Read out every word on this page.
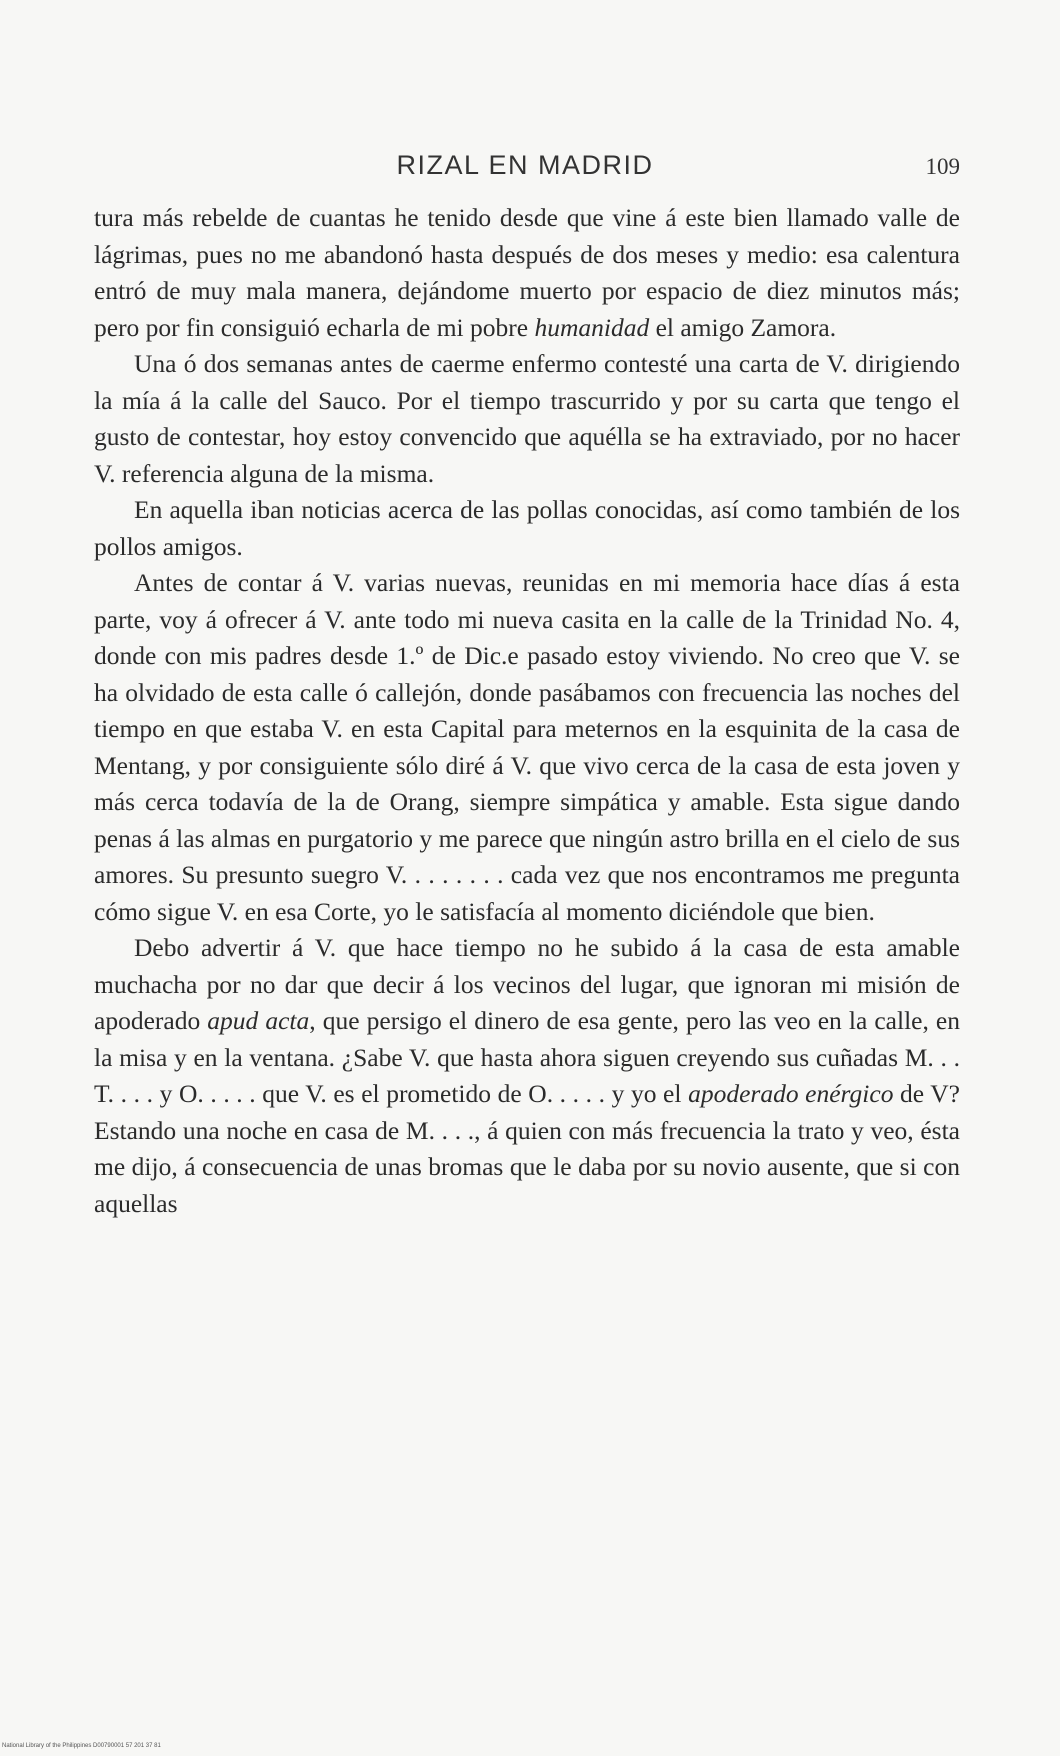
RIZAL EN MADRID	109

tura más rebelde de cuantas he tenido desde que vine á este bien llamado valle de lágrimas, pues no me abandonó hasta después de dos meses y medio: esa calentura entró de muy mala manera, dejándome muerto por espacio de diez minutos más; pero por fin consiguió echarla de mi pobre humanidad el amigo Zamora.

Una ó dos semanas antes de caerme enfermo contesté una carta de V. dirigiendo la mía á la calle del Sauco. Por el tiempo trascurrido y por su carta que tengo el gusto de contestar, hoy estoy convencido que aquélla se ha extraviado, por no hacer V. referencia alguna de la misma.

En aquella iban noticias acerca de las pollas conocidas, así como también de los pollos amigos.

Antes de contar á V. varias nuevas, reunidas en mi memoria hace días á esta parte, voy á ofrecer á V. ante todo mi nueva casita en la calle de la Trinidad No. 4, donde con mis padres desde 1.º de Dic.e pasado estoy viviendo. No creo que V. se ha olvidado de esta calle ó callejón, donde pasábamos con frecuencia las noches del tiempo en que estaba V. en esta Capital para meternos en la esquinita de la casa de Mentang, y por consiguiente sólo diré á V. que vivo cerca de la casa de esta joven y más cerca todavía de la de Orang, siempre simpática y amable. Esta sigue dando penas á las almas en purgatorio y me parece que ningún astro brilla en el cielo de sus amores. Su presunto suegro V. . . . . . . . cada vez que nos encontramos me pregunta cómo sigue V. en esa Corte, yo le satisfacía al momento diciéndole que bien.

Debo advertir á V. que hace tiempo no he subido á la casa de esta amable muchacha por no dar que decir á los vecinos del lugar, que ignoran mi misión de apoderado apud acta, que persigo el dinero de esa gente, pero las veo en la calle, en la misa y en la ventana. ¿Sabe V. que hasta ahora siguen creyendo sus cuñadas M. . . T. . . . y O. . . . . que V. es el prometido de O. . . . . y yo el apoderado enérgico de V? Estando una noche en casa de M. . . ., á quien con más frecuencia la trato y veo, ésta me dijo, á consecuencia de unas bromas que le daba por su novio ausente, que si con aquellas

National Library of the Philippines D00790001 57 201 37 81
